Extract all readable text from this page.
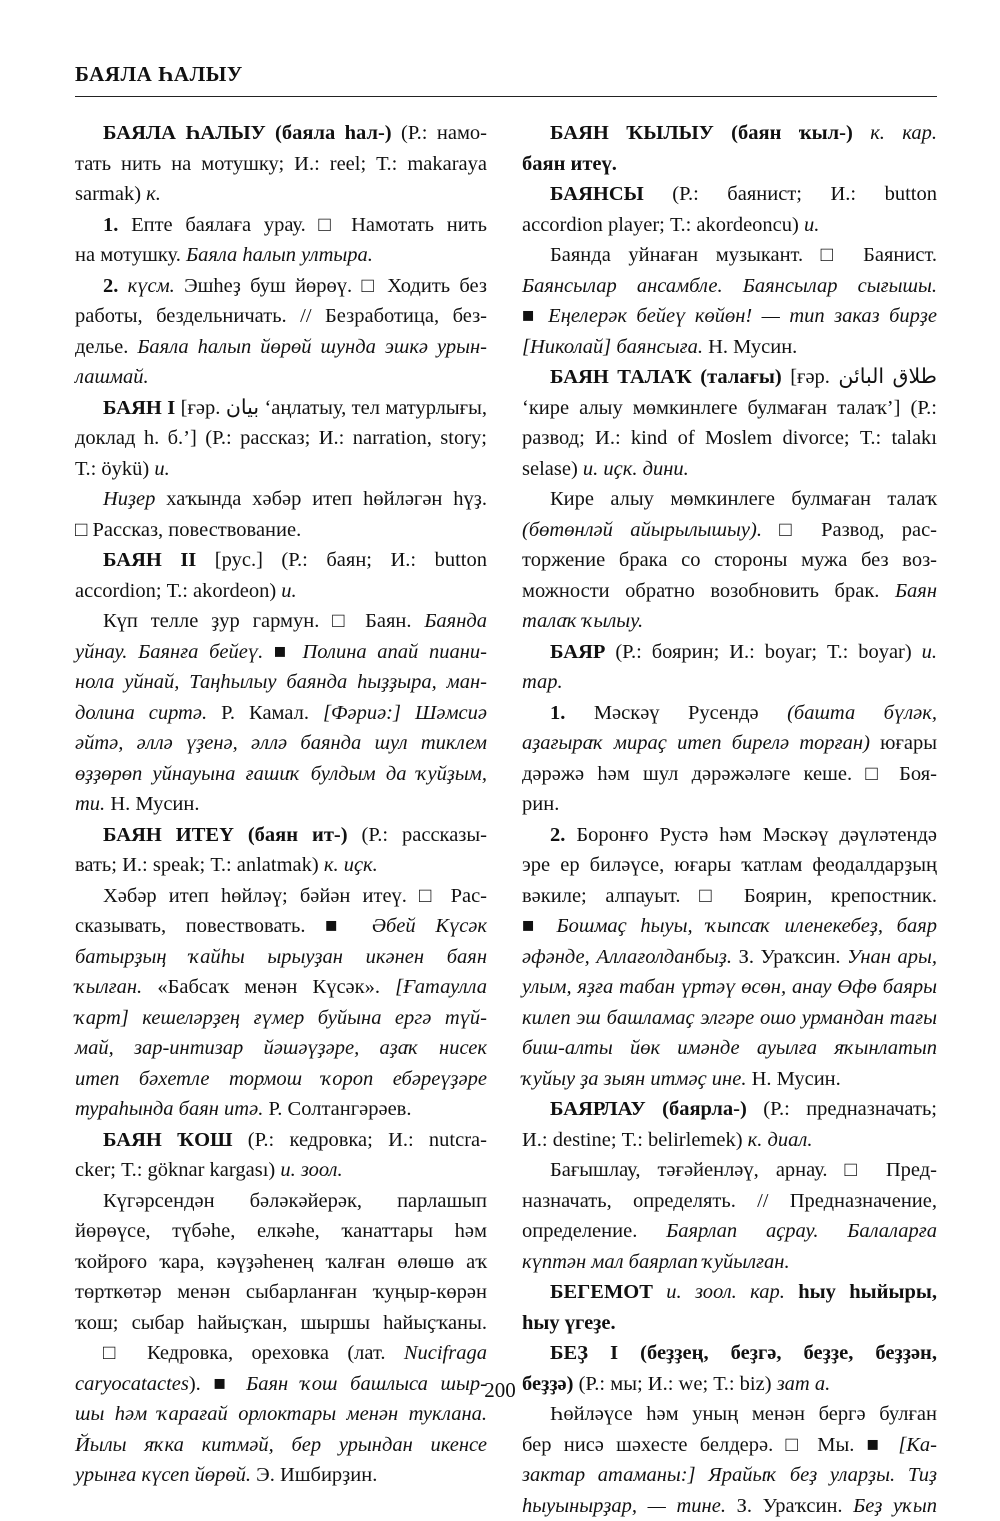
БАЯЛА ҺАЛЫУ
БАЯЛА ҺАЛЫУ (баяла һал-) (Р.: намо-
тать нить на мотушку; И.: reel; Т.: makaraya
sarmak) к.
1. Епте баялаға урау. □ Намотать нить
на мотушку. Баяла һалып ултыра.
2. күсм. Эшһеҙ буш йөрөү. □ Ходить без
работы, бездельничать. // Безработица, без-
делье. Баяла һалып йөрөй шунда эшкә урын-
лашмай.
БАЯН I [ғәр. بيان ‘аңлатыу, тел матурлығы,
доклад h. б.’] (Р.: рассказ; И.: narration, story;
Т.: öykü) и.
Ниҙер хаҡында хәбәр итеп һөйләгән һүҙ.
□ Рассказ, повествование.
БАЯН II [рус.] (Р.: баян; И.: button
accordion; Т.: akordeon) и.
Күп телле ҙур гармун. □ Баян. Баянда
уйнау. Баянға бейеү. ■ Полина апай пиани-
нола уйнай, Таңһылыу баянда һыҙҙыра, ман-
долина сиртә. Р. Камал. [Фәриә:] Шәмсиә
әйтә, әллә үҙенә, әллә баянда шул тиклем
өҙҙөрөп уйнауына ғашиҡ булдым да ҡуйҙым,
ти. Н. Мусин.
БАЯН ИТЕҮ (баян ит-) (Р.: рассказы-
вать; И.: speak; Т.: anlatmak) к. иҫк.
Хәбәр итеп һөйләү; бәйән итеү. □ Рас-
сказывать, повествовать. ■ Әбей Күсәк
батырҙың ҡайһы ырыуҙан икәнен баян
ҡылған. «Бабсаҡ менән Күсәк». [Ғатаулла
ҡарт] кешеләрҙең ғүмер буйына ергә түй-
май, зар-интизар йәшәүҙәре, аҙаҡ нисек
итеп бәхетле тормош ҡороп ебәреүҙәре
тураһында баян итә. Р. Солтангәрәев.
БАЯН ҠОШ (Р.: кедровка; И.: nutcra-
cker; Т.: göknar kargası) и. зоол.
Күгәрсендән бәләкәйерәк, парлашып
йөрөүсе, түбәһе, елкәһе, ҡанаттары һәм
ҡойроғо ҡара, кәүҙәһенең ҡалған өлөшө аҡ
төрткөтәр менән сыбарланған ҡуңыр-көрән
ҡош; сыбар һайыҫҡан, шыршы һайыҫҡаны.
□ Кедровка, ореховка (лат. Nucifraga
caryocatactes). ■ Баян ҡош башлыса шыр-
шы һәм ҡарағай орлоктары менән туклана.
Йылы яҡка китмәй, бер урындан икенсе
урынға күсеп йөрөй. Э. Ишбирҙин.
БАЯН ҠЫЛЫУ (баян ҡыл-) к. кар.
баян итеү.
БАЯНСЫ (Р.: баянист; И.: button
accordion player; Т.: akordeoncu) и.
Баянда уйнаған музыкант. □ Баянист.
Баянсылар ансамбле. Баянсылар сығышы.
■ Еңелерәк бейеү көйөн! — тип заказ бирҙе
[Николай] баянсыға. Н. Мусин.
БАЯН ТАЛАҠ (талағы) [ғәр. طلاق البائن
‘кире алыу мөмкинлеге булмаған талаҡ’] (Р.:
развод; И.: kind of Moslem divorce; Т.: talakı
selase) и. иҫк. дини.
Кире алыу мөмкинлеге булмаған талаҡ
(бөтөнләй айырылышыу). □ Развод, рас-
торжение брака со стороны мужа без воз-
можности обратно возобновить брак. Баян
талаҡ ҡылыу.
БАЯР (Р.: боярин; И.: boyar; Т.: boyar) и.
тар.
1. Мәскәү Русендә (башта бүләк,
аҙағыраҡ мираҫ итеп бирелә торған) юғары
дәрәжә һәм шул дәрәжәләге кеше. □ Боя-
рин.
2. Боронғо Рустә һәм Мәскәү дәүләтендә
эре ер биләүсе, юғары ҡатлам феодалдарҙың
вәкиле; алпауыт. □ Боярин, крепостник.
■ Бошмаҫ һыуы, ҡыпсаҡ иленекебеҙ, баяр
әфәнде, Аллағолданбыҙ. З. Ураҡсин. Унан ары,
улым, яҙға табан үртәү өсөн, анау Өфө баяры
килеп эш башламаҫ элгәре ошо урмандан тағы
биш-алты йөк имәнде ауылға яҡынлатып
ҡуйыу ҙа зыян итмәҫ ине. Н. Мусин.
БАЯРЛАУ (баярла-) (Р.: предназначать;
И.: destine; Т.: belirlemek) к. диал.
Бағышлау, тәғәйенләү, арнау. □ Пред-
назначать, определять. // Предназначение,
определение. Баярлап аҫрау. Балаларға
күптән мал баярлап ҡуйылған.
БЕГЕМОТ и. зоол. кар. һыу һыйыры,
һыу үгеҙе.
БЕҘ I (беҙҙең, беҙгә, беҙҙе, беҙҙән,
беҙҙә) (Р.: мы; И.: we; Т.: biz) зат а.
Һөйләүсе һәм уның менән бергә булған
бер нисә шәхесте белдерә. □ Мы. ■ [Ка-
зактар атаманы:] Ярайыҡ беҙ уларҙы. Тиҙ
һыуынырҙар, — тине. З. Ураҡсин. Беҙ уҡып
200
